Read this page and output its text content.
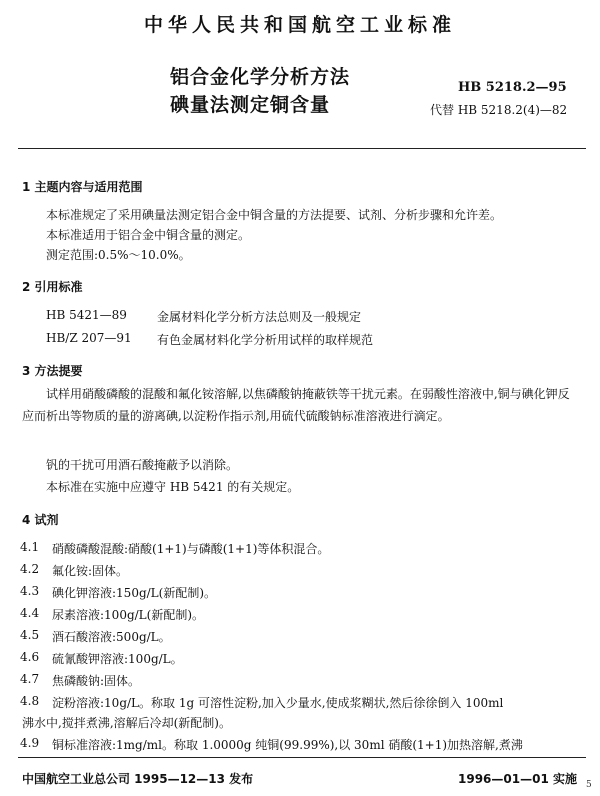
中华人民共和国航空工业标准
铝合金化学分析方法
碘量法测定铜含量
HB 5218.2—95
代替 HB 5218.2(4)—82
1 主题内容与适用范围
本标准规定了采用碘量法测定铝合金中铜含量的方法提要、试剂、分析步骤和允许差。
本标准适用于铝合金中铜含量的测定。
测定范围:0.5%～10.0%。
2 引用标准
HB 5421—89	金属材料化学分析方法总则及一般规定
HB/Z 207—91 有色金属材料化学分析用试样的取样规范
3 方法提要
试样用硝酸磷酸的混酸和氟化铵溶解,以焦磷酸钠掩蔽铁等干扰元素。在弱酸性溶液中,铜与碘化钾反应而析出等物质的量的游离碘,以淀粉作指示剂,用硫代硫酸钠标准溶液进行滴定。
钒的干扰可用酒石酸掩蔽予以消除。
本标准在实施中应遵守 HB 5421 的有关规定。
4 试剂
4.1 硝酸磷酸混酸:硝酸(1+1)与磷酸(1+1)等体积混合。
4.2 氟化铵:固体。
4.3 碘化钾溶液:150g/L(新配制)。
4.4 尿素溶液:100g/L(新配制)。
4.5 酒石酸溶液:500g/L。
4.6 硫氰酸钾溶液:100g/L。
4.7 焦磷酸钠:固体。
4.8 淀粉溶液:10g/L。称取 1g 可溶性淀粉,加入少量水,使成浆糊状,然后徐徐倒入 100ml
沸水中,搅拌煮沸,溶解后冷却(新配制)。
4.9 铜标准溶液:1mg/ml。称取 1.0000g 纯铜(99.99%),以 30ml 硝酸(1+1)加热溶解,煮沸
中国航空工业总公司 1995—12—13 发布	1996—01—01 实施 5
